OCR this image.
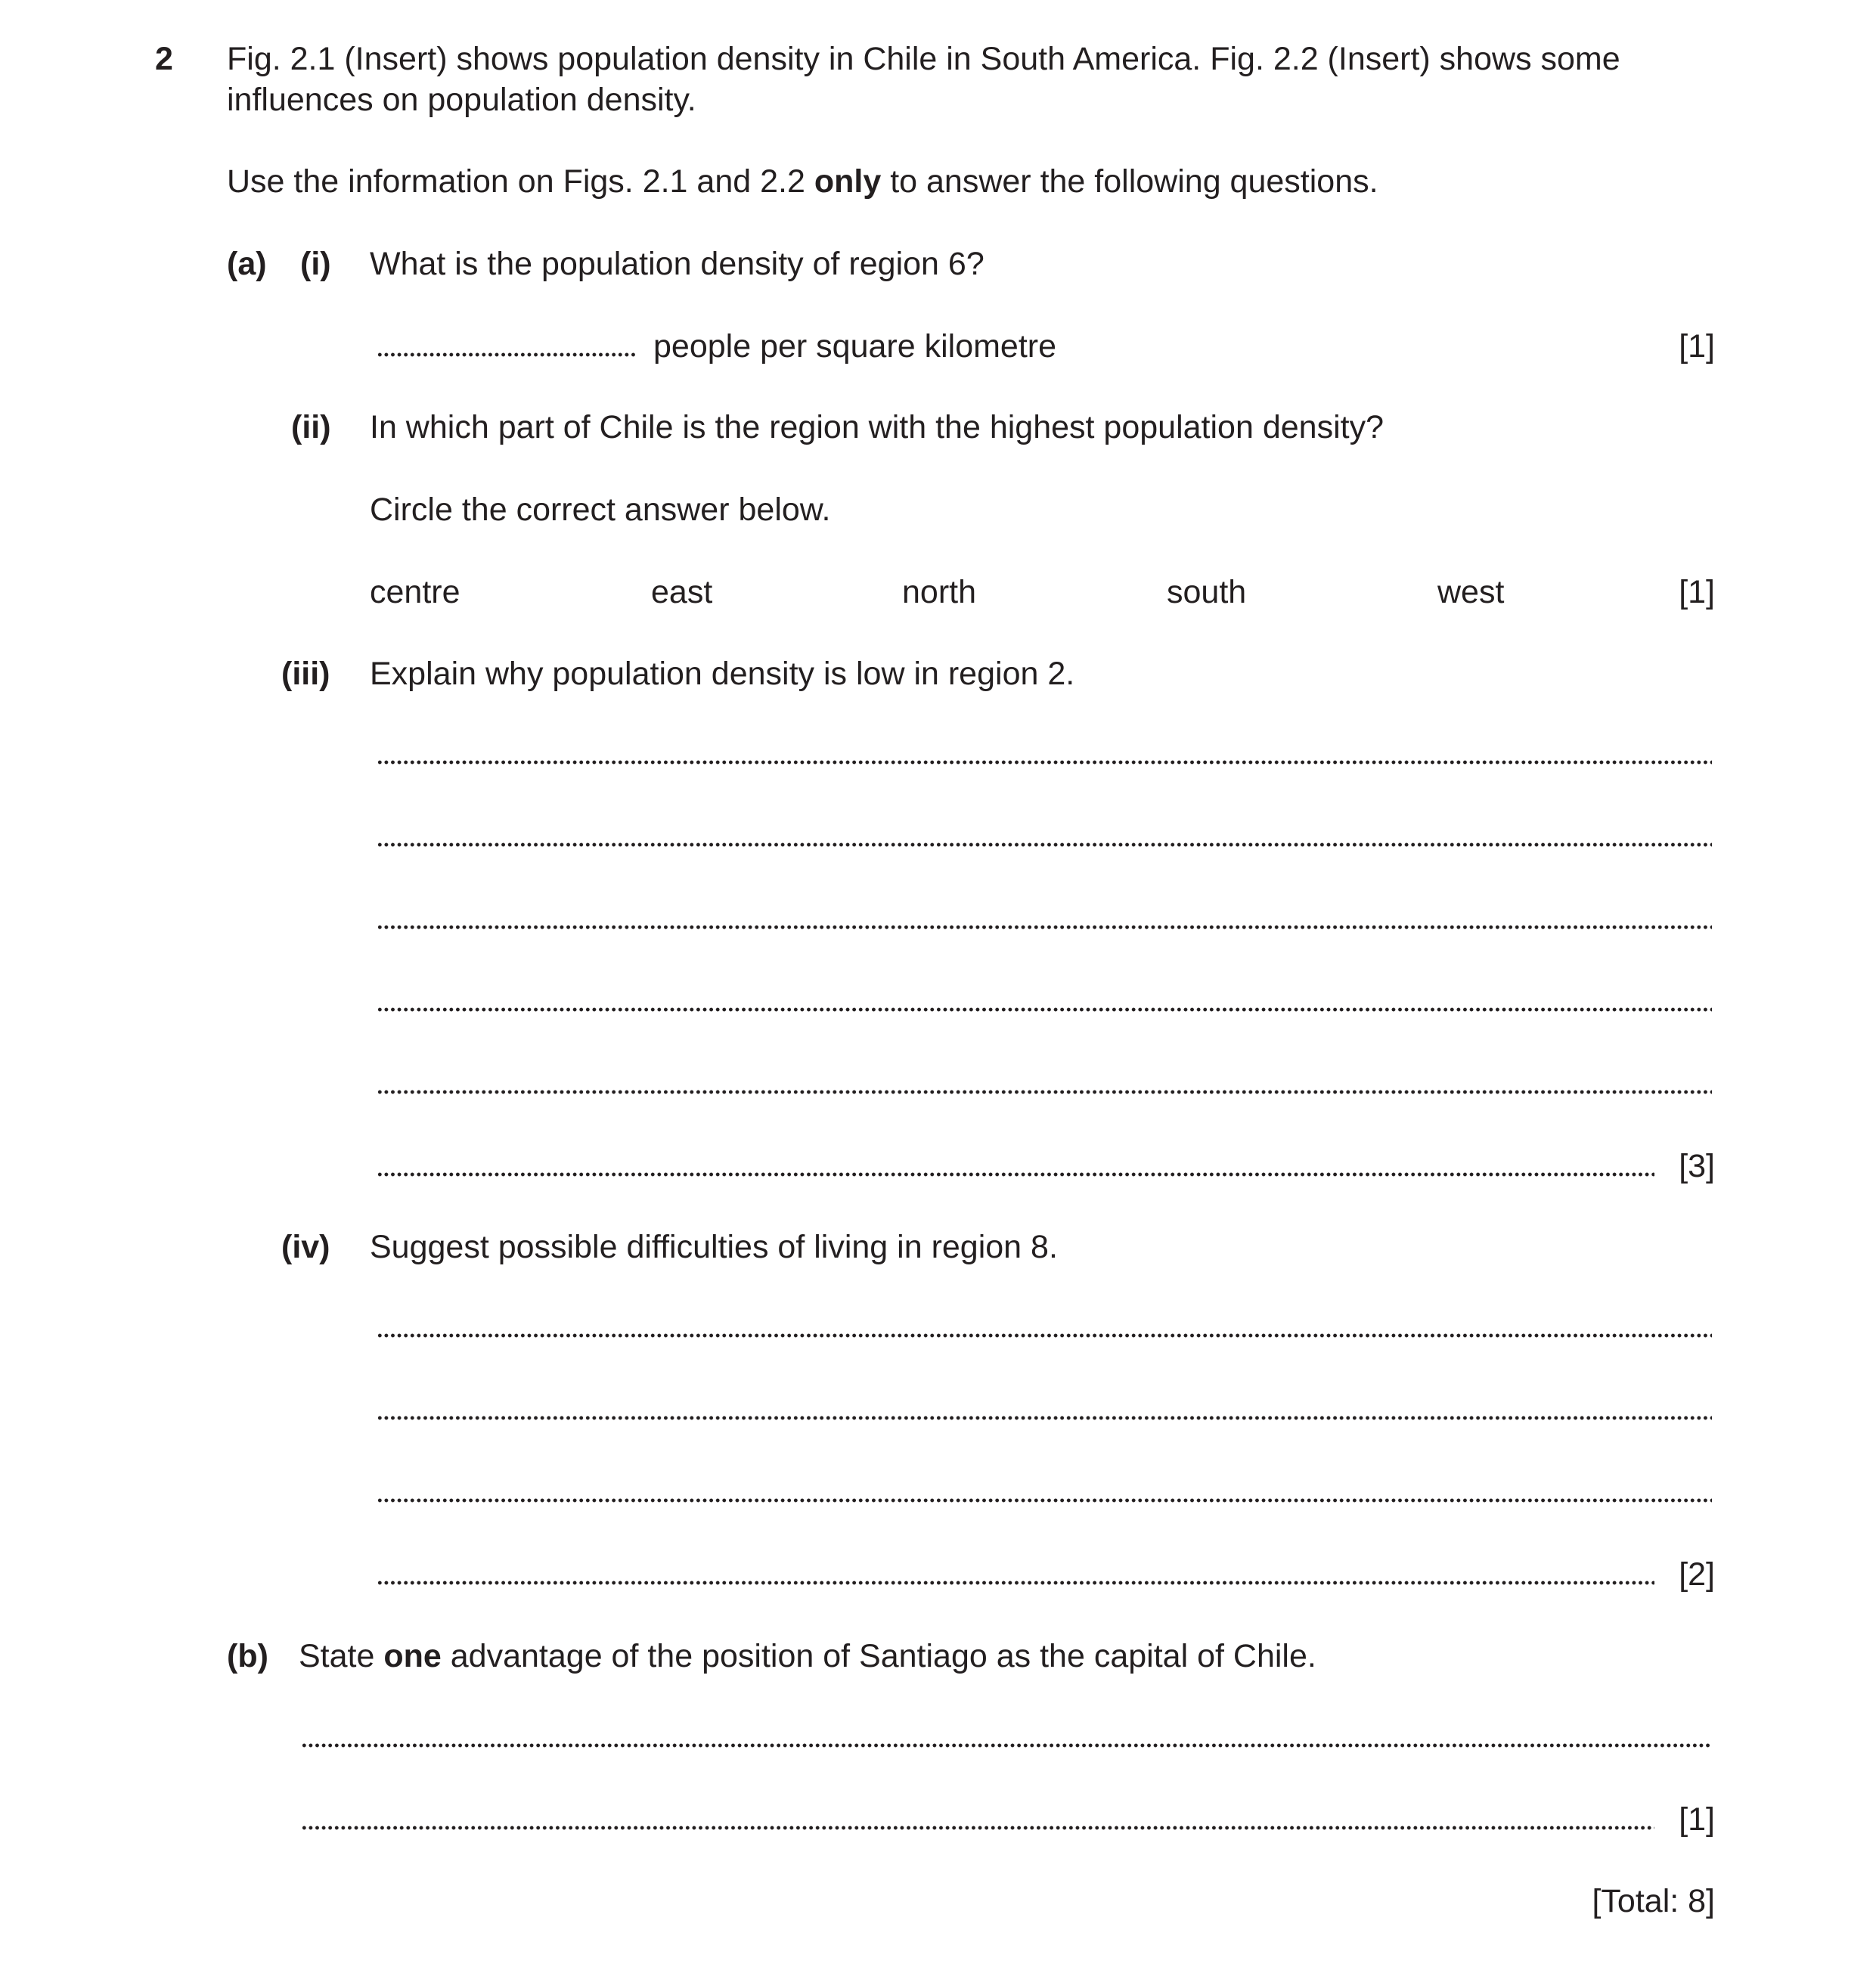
2 Fig. 2.1 (Insert) shows population density in Chile in South America. Fig. 2.2 (Insert) shows some
influences on population density.
Use the information on Figs. 2.1 and 2.2 only to answer the following questions.
(a) (i) What is the population density of region 6?
people per square kilometre	[1]
(ii) In which part of Chile is the region with the highest population density?
Circle the correct answer below.
centre	east	north	south	west	[1]
(iii) Explain why population density is low in region 2.
[3]
(iv) Suggest possible difficulties of living in region 8.
[2]
(b) State one advantage of the position of Santiago as the capital of Chile.
[1]
[Total: 8]
